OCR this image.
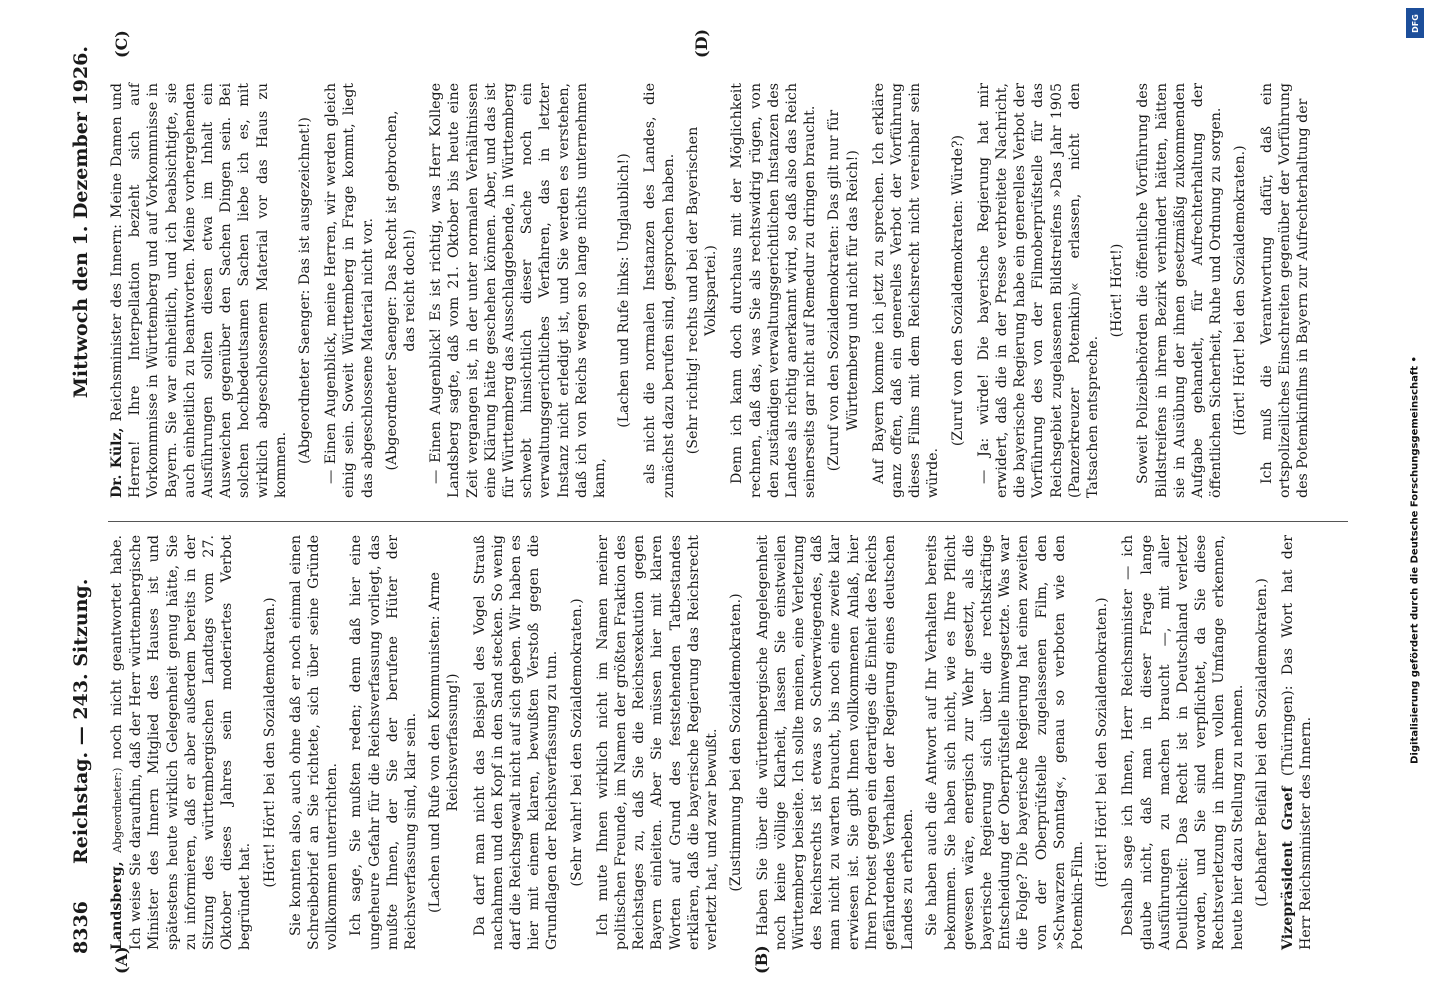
8336
Reichstag. — 243. Sitzung.
Mittwoch den 1. Dezember 1926.
(A)	(B)
(C)	(D)

Landsberg, Abgeordneter:) noch nicht geantwortet habe. Ich weise Sie daraufhin, daß der Herr württembergische Minister des Innern Mitglied des Hauses ist und spätestens heute wirklich Gelegenheit genug hätte, Sie zu informieren, daß er aber außerdem bereits in der Sitzung des württembergischen Landtags vom 27. Oktober dieses Jahres sein moderiertes Verbot begründet hat.

(Hört! Hört! bei den Sozialdemokraten.) Sie konnten also, auch ohne daß er noch einmal einen Schreibebrief an Sie richtete, sich über seine Gründe vollkommen unterrichten. Ich sage, Sie mußten reden; denn daß hier eine ungeheure Gefahr für die Reichsverfassung vorliegt, das mußte Ihnen, der Sie der berufene Hüter der Reichsverfassung sind, klar sein. (Lachen und Rufe von den Kommunisten: Arme Reichsverfassung!) Da darf man nicht das Beispiel des Vogel Strauß nachahmen und den Kopf in den Sand stecken. So wenig darf die Reichsgewalt nicht auf sich geben. Wir haben es hier mit einem klaren, bewußten Verstoß gegen die Grundlagen der Reichsverfassung zu tun. (Sehr wahr! bei den Sozialdemokraten.) Ich mute Ihnen wirklich nicht im Namen meiner politischen Freunde, im Namen der größten Fraktion des Reichstages zu, daß Sie die Reichsexekution gegen Bayern einleiten. Aber Sie müssen hier mit klaren Worten auf Grund des feststehenden Tatbestandes erklären, daß die bayerische Regierung das Reichsrecht verletzt hat, und zwar bewußt. (Zustimmung bei den Sozialdemokraten.) Haben Sie über die württembergische Angelegenheit noch keine völlige Klarheit, lassen Sie einstweilen Württemberg beiseite. Ich sollte meinen, eine Verletzung des Reichsrechts ist etwas so Schwerwiegendes, daß man nicht zu warten braucht, bis noch eine zweite klar erwiesen ist. Sie gibt Ihnen vollkommenen Anlaß, hier Ihren Protest gegen ein derartiges die Einheit des Reichs gefährdendes Verhalten der Regierung eines deutschen Landes zu erheben. Sie haben auch die Antwort auf Ihr Verhalten bereits bekommen. Sie haben sich nicht, wie es Ihre Pflicht gewesen wäre, energisch zur Wehr gesetzt, als die bayerische Regierung sich über die rechtskräftige Entscheidung der Oberprüfstelle hinwegsetzte. Was war die Folge? Die bayerische Regierung hat einen zweiten von der Oberprüfstelle zugelassenen Film, den »Schwarzen Sonntag«, genau so verboten wie den Potemkin-Film.

(Hört! Hört! bei den Sozialdemokraten.) Deshalb sage ich Ihnen, Herr Reichsminister — ich glaube nicht, daß man in dieser Frage lange Ausführungen zu machen braucht —, mit aller Deutlichkeit: Das Recht ist in Deutschland verletzt worden, und Sie sind verpflichtet, da Sie diese Rechtsverletzung in ihrem vollen Umfange erkennen, heute hier dazu Stellung zu nehmen. (Lebhafter Beifall bei den Sozialdemokraten.) Vizepräsident Graef (Thüringen): Das Wort hat der Herr Reichsminister des Innern.

Dr. Külz, Reichsminister des Innern: Meine Damen und Herren! Ihre Interpellation bezieht sich auf Vorkommnisse in Württemberg und auf Vorkommnisse in Bayern. Sie war einheitlich, und ich beabsichtigte, sie auch einheitlich zu beantworten. Meine vorhergehenden Ausführungen sollten diesen etwa im Inhalt ein Ausweichen gegenüber den Sachen Dingen sein. Bei solchen hochbedeutsamen Sachen liebe ich es, mit wirklich abgeschlossenem Material vor das Haus zu kommen.

(Abgeordneter Saenger: Das ist ausgezeichnet!) — Einen Augenblick, meine Herren, wir werden gleich einig sein. Soweit Württemberg in Frage kommt, liegt das abgeschlossene Material nicht vor. (Abgeordneter Saenger: Das Recht ist gebrochen, das reicht doch!) — Einen Augenblick! Es ist richtig, was Herr Kollege Landsberg sagte, daß vom 21. Oktober bis heute eine Zeit vergangen ist, in der unter normalen Verhältnissen eine Klärung hätte geschehen können. Aber, und das ist für Württemberg das Ausschlaggebende, in Württemberg schwebt hinsichtlich dieser Sache noch ein verwaltungsgerichtliches Verfahren, das in letzter Instanz nicht erledigt ist, und Sie werden es verstehen, daß ich von Reichs wegen so lange nichts unternehmen kann,

(Lachen und Rufe links: Unglaublich!) als nicht die normalen Instanzen des Landes, die zunächst dazu berufen sind, gesprochen haben. (Sehr richtig! rechts und bei der Bayerischen Volkspartei.) Denn ich kann doch durchaus mit der Möglichkeit rechnen, daß das, was Sie als rechtswidrig rügen, von den zuständigen verwaltungsgerichtlichen Instanzen des Landes als richtig anerkannt wird, so daß also das Reich seinerseits gar nicht auf Remedur zu dringen braucht. (Zuruf von den Sozialdemokraten: Das gilt nur für Württemberg und nicht für das Reich!) Auf Bayern komme ich jetzt zu sprechen. Ich erkläre ganz offen, daß ein generelles Verbot der Vorführung dieses Films mit dem Reichsrecht nicht vereinbar sein würde.

(Zuruf von den Sozialdemokraten: Würde?) — Ja: würde! Die bayerische Regierung hat mir erwidert, daß die in der Presse verbreitete Nachricht, die bayerische Regierung habe ein generelles Verbot der Vorführung des von der Filmoberprüfstelle für das Reichsgebiet zugelassenen Bildstreifens »Das Jahr 1905 (Panzerkreuzer Potemkin)« erlassen, nicht den Tatsachen entspreche.

(Hört! Hört!) Soweit Polizeibehörden die öffentliche Vorführung des Bildstreifens in ihrem Bezirk verhindert hätten, hätten sie in Ausübung der ihnen gesetzmäßig zukommenden Aufgabe gehandelt, für Aufrechterhaltung der öffentlichen Sicherheit, Ruhe und Ordnung zu sorgen. (Hört! Hört! bei den Sozialdemokraten.) Ich muß die Verantwortung dafür, daß ein ortspolizeiliches Einschreiten gegenüber der Vorführung des Potemkinfilms in Bayern zur Aufrechterhaltung der

DFG
Digitalisierung gefördert durch die Deutsche Forschungsgemeinschaft •
